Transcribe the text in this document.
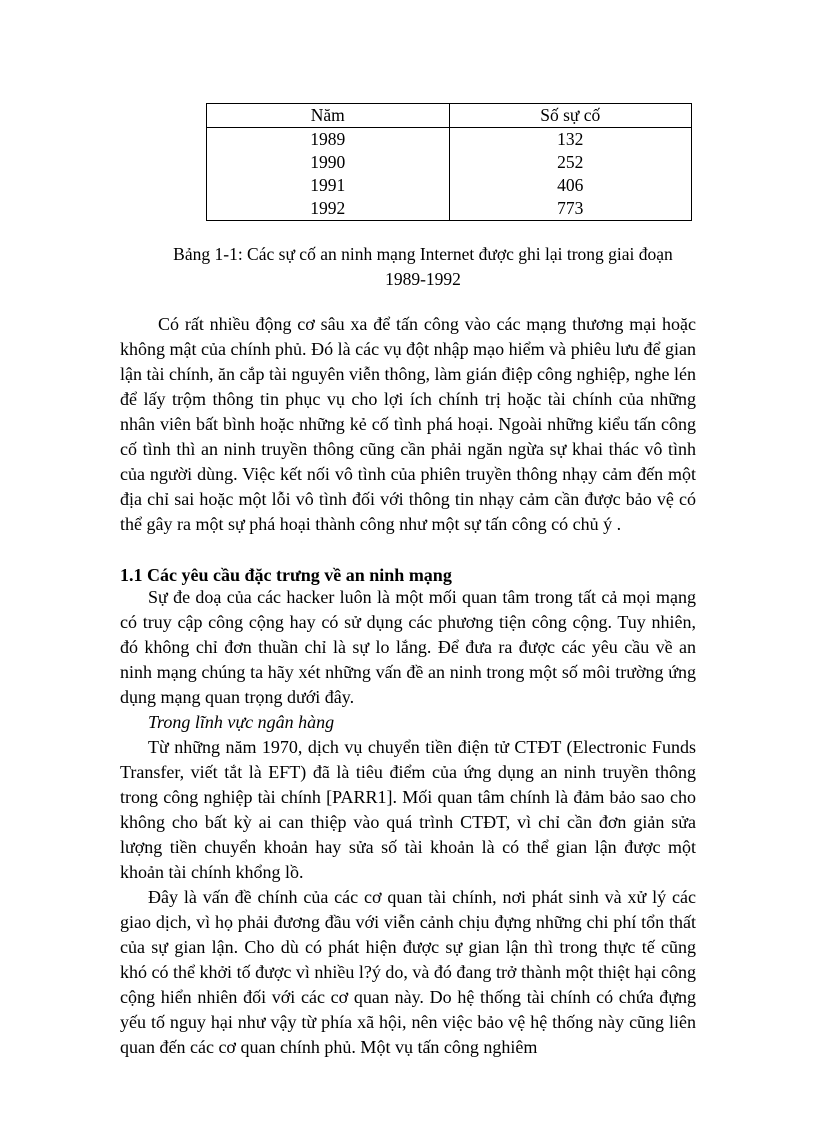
Năm	Số sự cố
1989	132
1990	252
1991	406
1992	773
Bảng 1-1: Các sự cố an ninh mạng Internet được ghi lại trong giai đoạn
1989-1992

Có rất nhiều động cơ sâu xa để tấn công vào các mạng thương mại hoặc không mật của chính phủ. Đó là các vụ đột nhập mạo hiểm và phiêu lưu để gian lận tài chính, ăn cắp tài nguyên viễn thông, làm gián điệp công nghiệp, nghe lén để lấy trộm thông tin phục vụ cho lợi ích chính trị hoặc tài chính của những nhân viên bất bình hoặc những kẻ cố tình phá hoại. Ngoài những kiểu tấn công cố tình thì an ninh truyền thông cũng cần phải ngăn ngừa sự khai thác vô tình của người dùng. Việc kết nối vô tình của phiên truyền thông nhạy cảm đến một địa chỉ sai hoặc một lỗi vô tình đối với thông tin nhạy cảm cần được bảo vệ có thể gây ra một sự phá hoại thành công như một sự tấn công có chủ ý .

1.1 Các yêu cầu đặc trưng về an ninh mạng

Sự đe doạ của các hacker luôn là một mối quan tâm trong tất cả mọi mạng có truy cập công cộng hay có sử dụng các phương tiện công cộng. Tuy nhiên, đó không chỉ đơn thuần chỉ là sự lo lắng. Để đưa ra được các yêu cầu về an ninh mạng chúng ta hãy xét những vấn đề an ninh trong một số môi trường ứng dụng mạng quan trọng dưới đây.

Trong lĩnh vực ngân hàng

Từ những năm 1970, dịch vụ chuyển tiền điện tử CTĐT (Electronic Funds Transfer, viết tắt là EFT) đã là tiêu điểm của ứng dụng an ninh truyền thông trong công nghiệp tài chính [PARR1]. Mối quan tâm chính là đảm bảo sao cho không cho bất kỳ ai can thiệp vào quá trình CTĐT, vì chỉ cần đơn giản sửa lượng tiền chuyển khoản hay sửa số tài khoản là có thể gian lận được một khoản tài chính khổng lồ.

Đây là vấn đề chính của các cơ quan tài chính, nơi phát sinh và xử lý các giao dịch, vì họ phải đương đầu với viễn cảnh chịu đựng những chi phí tổn thất của sự gian lận. Cho dù có phát hiện được sự gian lận thì trong thực tế cũng khó có thể khởi tố được vì nhiều l?ý do, và đó đang trở thành một thiệt hại công cộng hiển nhiên đối với các cơ quan này. Do hệ thống tài chính có chứa đựng yếu tố nguy hại như vậy từ phía xã hội, nên việc bảo vệ hệ thống này cũng liên quan đến các cơ quan chính phủ. Một vụ tấn công nghiêm
